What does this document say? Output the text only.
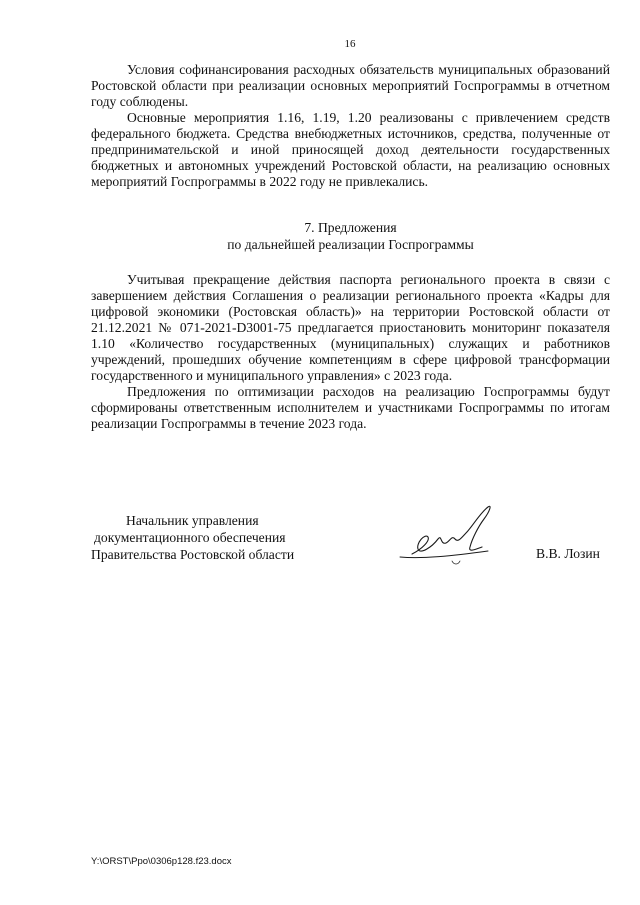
16

Условия софинансирования расходных обязательств муниципальных образований Ростовской области при реализации основных мероприятий Госпрограммы в отчетном году соблюдены.

Основные мероприятия 1.16, 1.19, 1.20 реализованы с привлечением средств федерального бюджета. Средства внебюджетных источников, средства, полученные от предпринимательской и иной приносящей доход деятельности государственных бюджетных и автономных учреждений Ростовской области, на реализацию основных мероприятий Госпрограммы в 2022 году не привлекались.

7. Предложения
по дальнейшей реализации Госпрограммы

Учитывая прекращение действия паспорта регионального проекта в связи с завершением действия Соглашения о реализации регионального проекта «Кадры для цифровой экономики (Ростовская область)» на территории Ростовской области от 21.12.2021 № 071-2021-D3001-75 предлагается приостановить мониторинг показателя 1.10 «Количество государственных (муниципальных) служащих и работников учреждений, прошедших обучение компетенциям в сфере цифровой трансформации государственного и муниципального управления» с 2023 года.

Предложения по оптимизации расходов на реализацию Госпрограммы будут сформированы ответственным исполнителем и участниками Госпрограммы по итогам реализации Госпрограммы в течение 2023 года.

Начальник управления
документационного обеспечения
Правительства Ростовской области	В.В. Лозин
Y:\ORST\Ppo\0306p128.f23.docx
